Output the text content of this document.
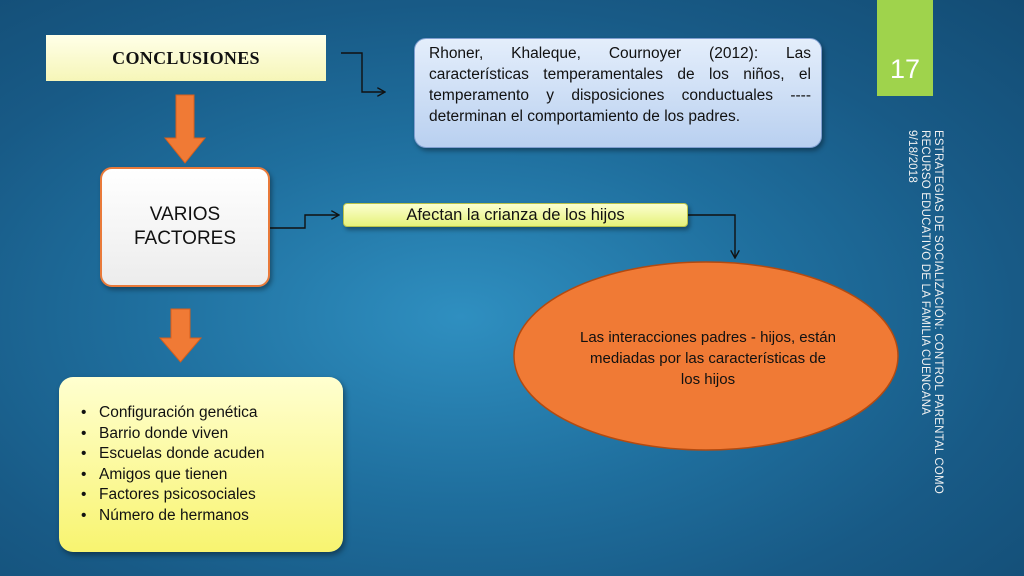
CONCLUSIONES	Rhoner, Khaleque, Cournoyer (2012): Las características temperamentales de los niños, el temperamento y disposiciones conductuales ---- determinan el comportamiento de los padres.
17
ESTRATEGIAS DE SOCIALIZACIÓN: CONTROL PARENTAL COMO
RECURSO EDUCATIVO DE LA FAMILIA CUENCANA
9/18/2018
VARIOS
FACTORES
Afectan la crianza de los hijos
Las interacciones padres - hijos, están mediadas por las características de los hijos
• Configuración genética
• Barrio donde viven
• Escuelas donde acuden
• Amigos que tienen
• Factores psicosociales
• Número de hermanos
